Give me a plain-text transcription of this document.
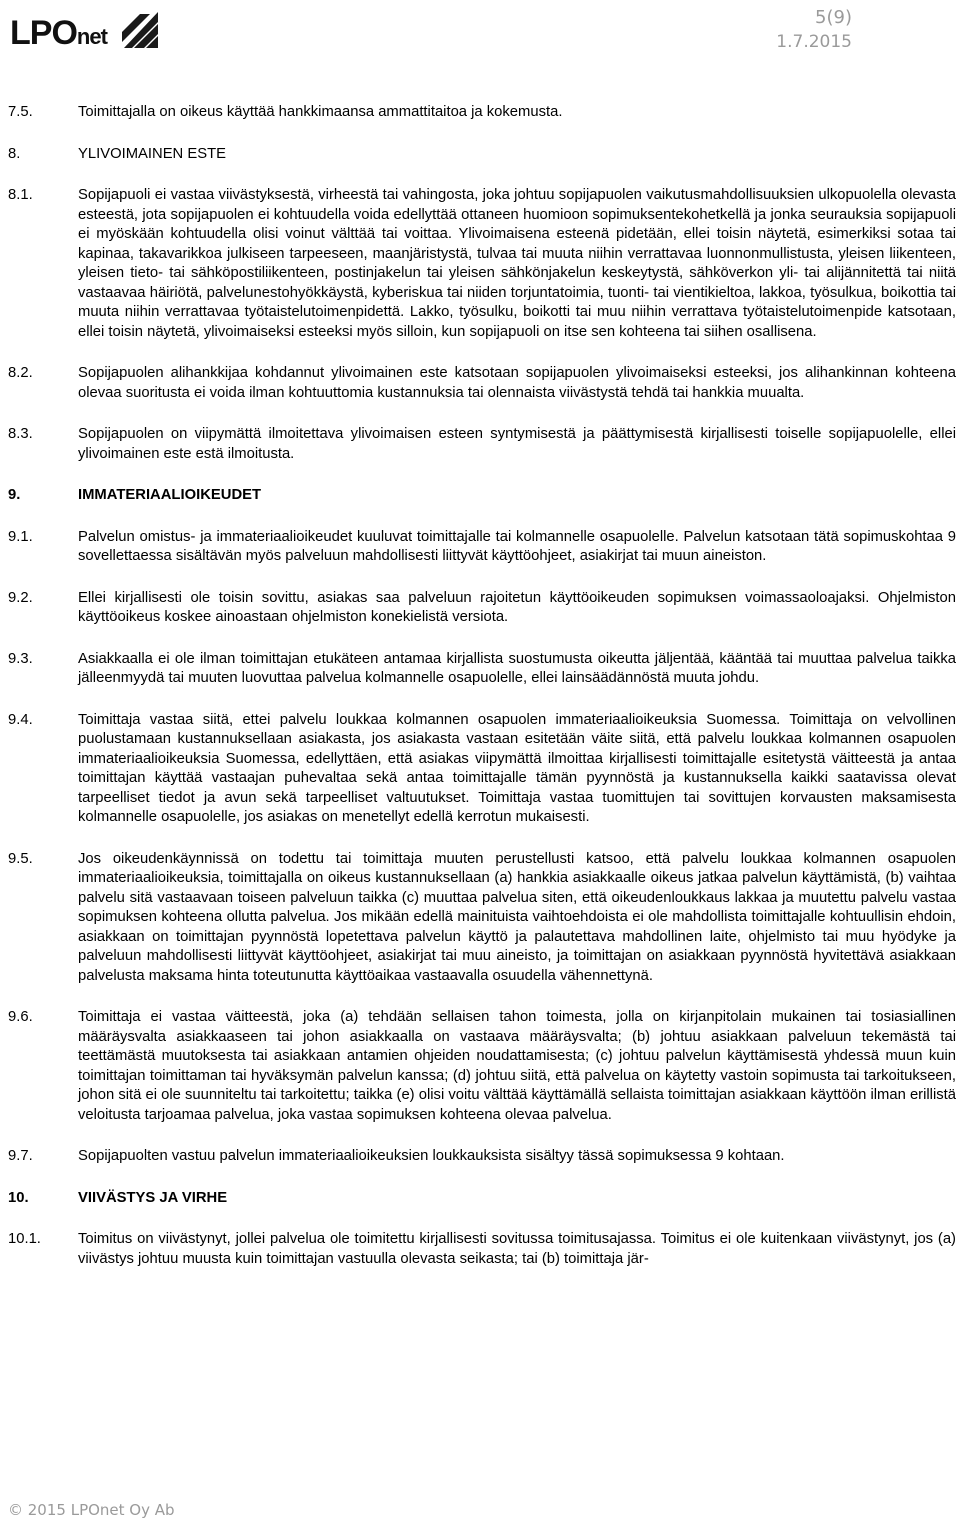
LPOnet
5(9)
1.7.2015
7.5.	Toimittajalla on oikeus käyttää hankkimaansa ammattitaitoa ja kokemusta.
8.	YLIVOIMAINEN ESTE
8.1.	Sopijapuoli ei vastaa viivästyksestä, virheestä tai vahingosta, joka johtuu sopijapuolen vaikutusmahdollisuuksien ulkopuolella olevasta esteestä, jota sopijapuolen ei kohtuudella voida edellyttää ottaneen huomioon sopimuksentekohetkellä ja jonka seurauksia sopijapuoli ei myöskään kohtuudella olisi voinut välttää tai voittaa. Ylivoimaisena esteenä pidetään, ellei toisin näytetä, esimerkiksi sotaa tai kapinaa, takavarikkoa julkiseen tarpeeseen, maanjäristystä, tulvaa tai muuta niihin verrattavaa luonnonmullistusta, yleisen liikenteen, yleisen tieto- tai sähköpostiliikenteen, postinjakelun tai yleisen sähkönjakelun keskeytystä, sähköverkon yli- tai alijännitettä tai niitä vastaavaa häiriötä, palvelunestohyökkäystä, kyberiskua tai niiden torjuntatoimia, tuonti- tai vientikieltoa, lakkoa, työsulkua, boikottia tai muuta niihin verrattavaa työtaistelutoimenpidettä. Lakko, työsulku, boikotti tai muu niihin verrattava työtaistelutoimenpide katsotaan, ellei toisin näytetä, ylivoimaiseksi esteeksi myös silloin, kun sopijapuoli on itse sen kohteena tai siihen osallisena.
8.2.	Sopijapuolen alihankkijaa kohdannut ylivoimainen este katsotaan sopijapuolen ylivoimaiseksi esteeksi, jos alihankinnan kohteena olevaa suoritusta ei voida ilman kohtuuttomia kustannuksia tai olennaista viivästystä tehdä tai hankkia muualta.
8.3.	Sopijapuolen on viipymättä ilmoitettava ylivoimaisen esteen syntymisestä ja päättymisestä kirjallisesti toiselle sopijapuolelle, ellei ylivoimainen este estä ilmoitusta.
9.	IMMATERIAALIOIKEUDET
9.1.	Palvelun omistus- ja immateriaalioikeudet kuuluvat toimittajalle tai kolmannelle osapuolelle. Palvelun katsotaan tätä sopimuskohtaa 9 sovellettaessa sisältävän myös palveluun mahdollisesti liittyvät käyttöohjeet, asiakirjat tai muun aineiston.
9.2.	Ellei kirjallisesti ole toisin sovittu, asiakas saa palveluun rajoitetun käyttöoikeuden sopimuksen voimassaoloajaksi. Ohjelmiston käyttöoikeus koskee ainoastaan ohjelmiston konekielistä versiota.
9.3.	Asiakkaalla ei ole ilman toimittajan etukäteen antamaa kirjallista suostumusta oikeutta jäljentää, kääntää tai muuttaa palvelua taikka jälleenmyydä tai muuten luovuttaa palvelua kolmannelle osapuolelle, ellei lainsäädännöstä muuta johdu.
9.4.	Toimittaja vastaa siitä, ettei palvelu loukkaa kolmannen osapuolen immateriaalioikeuksia Suomessa. Toimittaja on velvollinen puolustamaan kustannuksellaan asiakasta, jos asiakasta vastaan esitetään väite siitä, että palvelu loukkaa kolmannen osapuolen immateriaalioikeuksia Suomessa, edellyttäen, että asiakas viipymättä ilmoittaa kirjallisesti toimittajalle esitetystä väitteestä ja antaa toimittajan käyttää vastaajan puhevaltaa sekä antaa toimittajalle tämän pyynnöstä ja kustannuksella kaikki saatavissa olevat tarpeelliset tiedot ja avun sekä tarpeelliset valtuutukset. Toimittaja vastaa tuomittujen tai sovittujen korvausten maksamisesta kolmannelle osapuolelle, jos asiakas on menetellyt edellä kerrotun mukaisesti.
9.5.	Jos oikeudenkäynnissä on todettu tai toimittaja muuten perustellusti katsoo, että palvelu loukkaa kolmannen osapuolen immateriaalioikeuksia, toimittajalla on oikeus kustannuksellaan (a) hankkia asiakkaalle oikeus jatkaa palvelun käyttämistä, (b) vaihtaa palvelu sitä vastaavaan toiseen palveluun taikka (c) muuttaa palvelua siten, että oikeudenloukkaus lakkaa ja muutettu palvelu vastaa sopimuksen kohteena ollutta palvelua. Jos mikään edellä mainituista vaihtoehdoista ei ole mahdollista toimittajalle kohtuullisin ehdoin, asiakkaan on toimittajan pyynnöstä lopetettava palvelun käyttö ja palautettava mahdollinen laite, ohjelmisto tai muu hyödyke ja palveluun mahdollisesti liittyvät käyttöohjeet, asiakirjat tai muu aineisto, ja toimittajan on asiakkaan pyynnöstä hyvitettävä asiakkaan palvelusta maksama hinta toteutunutta käyttöaikaa vastaavalla osuudella vähennettynä.
9.6.	Toimittaja ei vastaa väitteestä, joka (a) tehdään sellaisen tahon toimesta, jolla on kirjanpitolain mukainen tai tosiasiallinen määräysvalta asiakkaaseen tai johon asiakkaalla on vastaava määräysvalta; (b) johtuu asiakkaan palveluun tekemästä tai teettämästä muutoksesta tai asiakkaan antamien ohjeiden noudattamisesta; (c) johtuu palvelun käyttämisestä yhdessä muun kuin toimittajan toimittaman tai hyväksymän palvelun kanssa; (d) johtuu siitä, että palvelua on käytetty vastoin sopimusta tai tarkoitukseen, johon sitä ei ole suunniteltu tai tarkoitettu; taikka (e) olisi voitu välttää käyttämällä sellaista toimittajan asiakkaan käyttöön ilman erillistä veloitusta tarjoamaa palvelua, joka vastaa sopimuksen kohteena olevaa palvelua.
9.7.	Sopijapuolten vastuu palvelun immateriaalioikeuksien loukkauksista sisältyy tässä sopimuksessa 9 kohtaan.
10.	VIIVÄSTYS JA VIRHE
10.1.	Toimitus on viivästynyt, jollei palvelua ole toimitettu kirjallisesti sovitussa toimitusajassa. Toimitus ei ole kuitenkaan viivästynyt, jos (a) viivästys johtuu muusta kuin toimittajan vastuulla olevasta seikasta; tai (b) toimittaja jär-
© 2015 LPOnet Oy Ab
